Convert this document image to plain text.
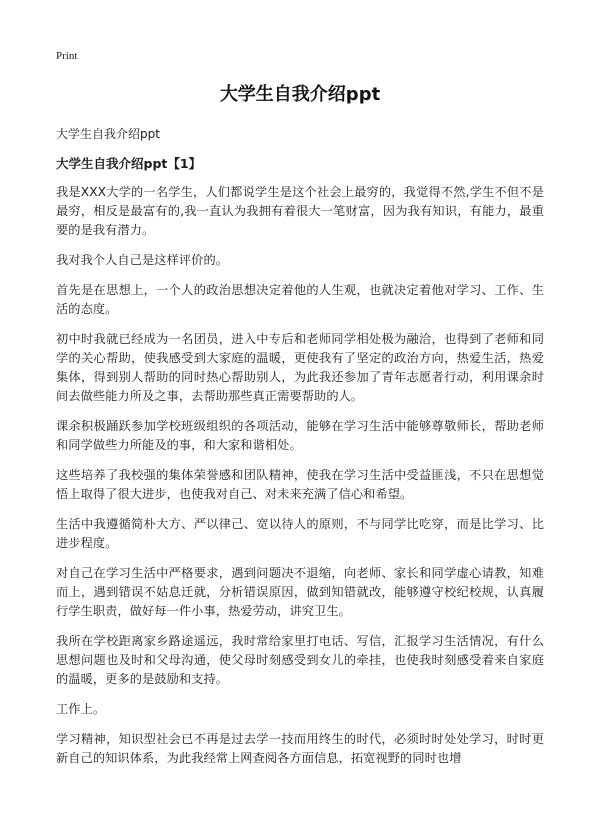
Print
大学生自我介绍ppt
大学生自我介绍ppt
大学生自我介绍ppt【1】
我是XXX大学的一名学生，人们都说学生是这个社会上最穷的，我觉得不然,学生不但不是最穷，相反是最富有的,我一直认为我拥有着很大一笔财富，因为我有知识，有能力，最重要的是我有潜力。
我对我个人自己是这样评价的。
首先是在思想上，一个人的政治思想决定着他的人生观，也就决定着他对学习、工作、生活的态度。
初中时我就已经成为一名团员，进入中专后和老师同学相处极为融洽，也得到了老师和同学的关心帮助，使我感受到大家庭的温暖，更使我有了坚定的政治方向，热爱生活，热爱集体，得到别人帮助的同时热心帮助别人，为此我还参加了青年志愿者行动，利用课余时间去做些能力所及之事，去帮助那些真正需要帮助的人。
课余积极踊跃参加学校班级组织的各项活动，能够在学习生活中能够尊敬师长，帮助老师和同学做些力所能及的事，和大家和谐相处。
这些培养了我校强的集体荣誉感和团队精神，使我在学习生活中受益匪浅，不只在思想觉悟上取得了很大进步，也使我对自己、对未来充满了信心和希望。
生活中我遵循简朴大方、严以律己、宽以待人的原则，不与同学比吃穿，而是比学习、比进步程度。
对自己在学习生活中严格要求，遇到问题决不退缩，向老师、家长和同学虚心请教，知难而上，遇到错误不姑息迁就，分析错误原因，做到知错就改，能够遵守校纪校规，认真履行学生职责，做好每一件小事，热爱劳动，讲究卫生。
我所在学校距离家乡路途遥远，我时常给家里打电话、写信，汇报学习生活情况，有什么思想问题也及时和父母沟通，使父母时刻感受到女儿的牵挂，也使我时刻感受着来自家庭的温暖，更多的是鼓励和支持。
工作上。
学习精神，知识型社会已不再是过去学一技而用终生的时代，必须时时处处学习，时时更新自己的知识体系，为此我经常上网查阅各方面信息，拓宽视野的同时也增
